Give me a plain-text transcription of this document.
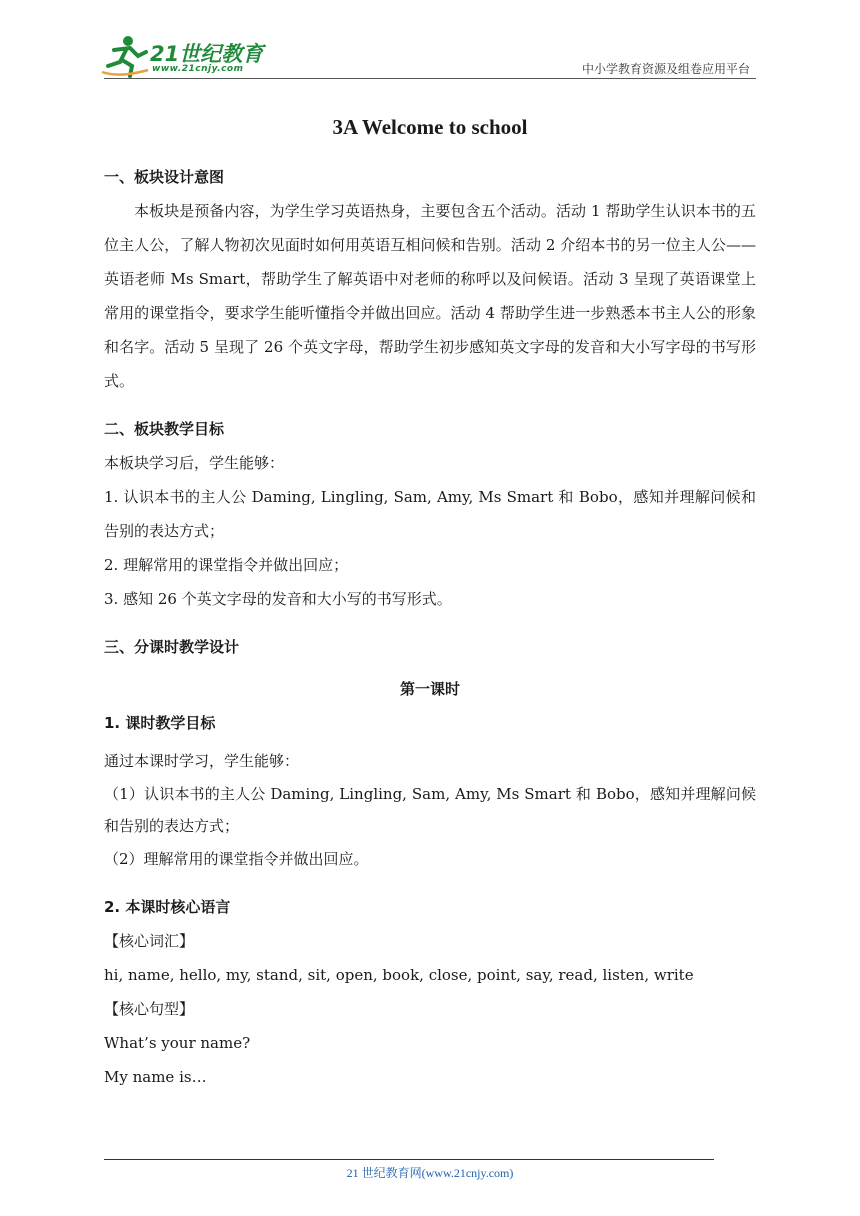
21世纪教育
www.21cnjy.com	中小学教育资源及组卷应用平台
3A Welcome to school
一、板块设计意图

本板块是预备内容，为学生学习英语热身，主要包含五个活动。活动 1 帮助学生认识本书的五位主人公，了解人物初次见面时如何用英语互相问候和告别。活动 2 介绍本书的另一位主人公——英语老师 Ms Smart，帮助学生了解英语中对老师的称呼以及问候语。活动 3 呈现了英语课堂上常用的课堂指令，要求学生能听懂指令并做出回应。活动 4 帮助学生进一步熟悉本书主人公的形象和名字。活动 5 呈现了 26 个英文字母，帮助学生初步感知英文字母的发音和大小写字母的书写形式。

二、板块教学目标

本板块学习后，学生能够：

1. 认识本书的主人公 Daming, Lingling, Sam, Amy, Ms Smart 和 Bobo，感知并理解问候和告别的表达方式；

2. 理解常用的课堂指令并做出回应；

3. 感知 26 个英文字母的发音和大小写的书写形式。

三、分课时教学设计

第一课时

1. 课时教学目标

通过本课时学习，学生能够：

（1）认识本书的主人公 Daming, Lingling, Sam, Amy, Ms Smart 和 Bobo，感知并理解问候和告别的表达方式；

（2）理解常用的课堂指令并做出回应。

2. 本课时核心语言

【核心词汇】

hi, name, hello, my, stand, sit, open, book, close, point, say, read, listen, write

【核心句型】

What’s your name?

My name is…

21 世纪教育网(www.21cnjy.com)
